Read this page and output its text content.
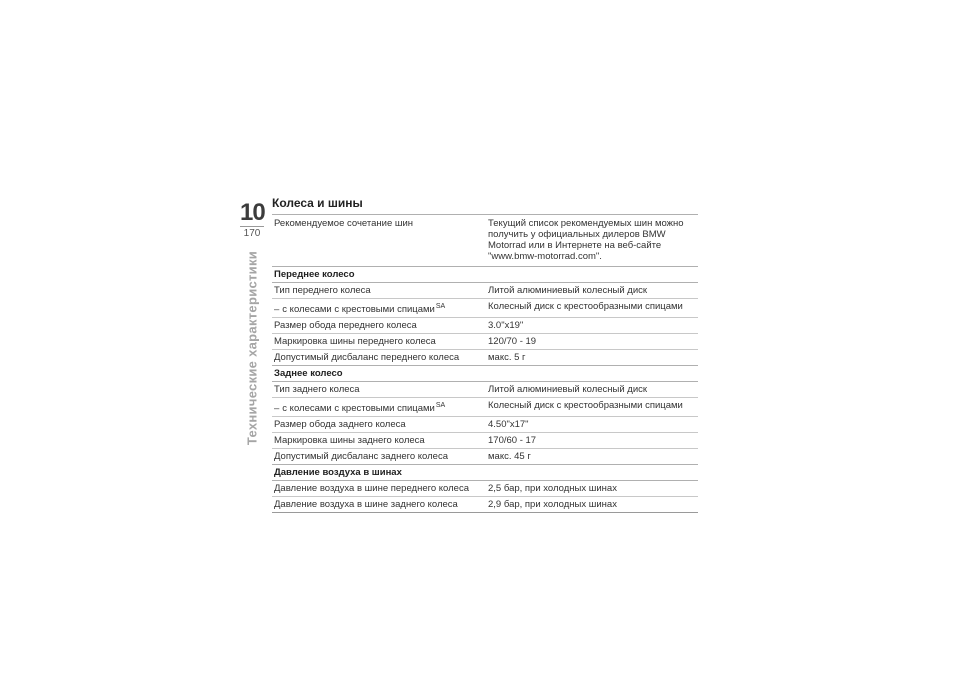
10
170
Технические характеристики
Колеса и шины
Рекомендуемое сочетание шин	Текущий список рекомендуемых шин можно получить у официальных дилеров BMW Motorrad или в Интернете на веб-сайте "www.bmw-motorrad.com".
Переднее колесо
Тип переднего колеса	Литой алюминиевый колесный диск
– с колесами с крестовыми спицами$^{SA}$	Колесный диск с крестообразными спицами
Размер обода переднего колеса	3.0"x19"
Маркировка шины переднего колеса	120/70 - 19
Допустимый дисбаланс переднего колеса	макс. 5 г
Заднее колесо
Тип заднего колеса	Литой алюминиевый колесный диск
– с колесами с крестовыми спицами$^{SA}$	Колесный диск с крестообразными спицами
Размер обода заднего колеса	4.50"x17"
Маркировка шины заднего колеса	170/60 - 17
Допустимый дисбаланс заднего колеса	макс. 45 г
Давление воздуха в шинах
Давление воздуха в шине переднего колеса	2,5 бар, при холодных шинах
Давление воздуха в шине заднего колеса	2,9 бар, при холодных шинах
